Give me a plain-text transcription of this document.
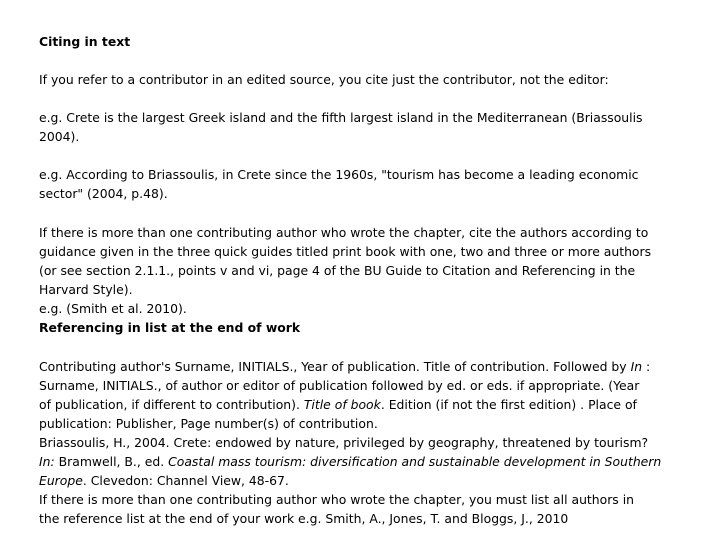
Citing in text
If you refer to a contributor in an edited source, you cite just the contributor, not the editor:
e.g. Crete is the largest Greek island and the fifth largest island in the Mediterranean (Briassoulis
2004).
e.g. According to Briassoulis, in Crete since the 1960s, "tourism has become a leading economic
sector" (2004, p.48).
If there is more than one contributing author who wrote the chapter, cite the authors according to
guidance given in the three quick guides titled print book with one, two and three or more authors
(or see section 2.1.1., points v and vi, page 4 of the BU Guide to Citation and Referencing in the
Harvard Style).
e.g. (Smith et al. 2010).
Referencing in list at the end of work
Contributing author's Surname, INITIALS., Year of publication. Title of contribution. Followed by In :
Surname, INITIALS., of author or editor of publication followed by ed. or eds. if appropriate. (Year
of publication, if different to contribution). Title of book. Edition (if not the first edition) . Place of
publication: Publisher, Page number(s) of contribution.
Briassoulis, H., 2004. Crete: endowed by nature, privileged by geography, threatened by tourism?
In: Bramwell, B., ed. Coastal mass tourism: diversification and sustainable development in Southern
Europe. Clevedon: Channel View, 48-67.
If there is more than one contributing author who wrote the chapter, you must list all authors in
the reference list at the end of your work e.g. Smith, A., Jones, T. and Bloggs, J., 2010
